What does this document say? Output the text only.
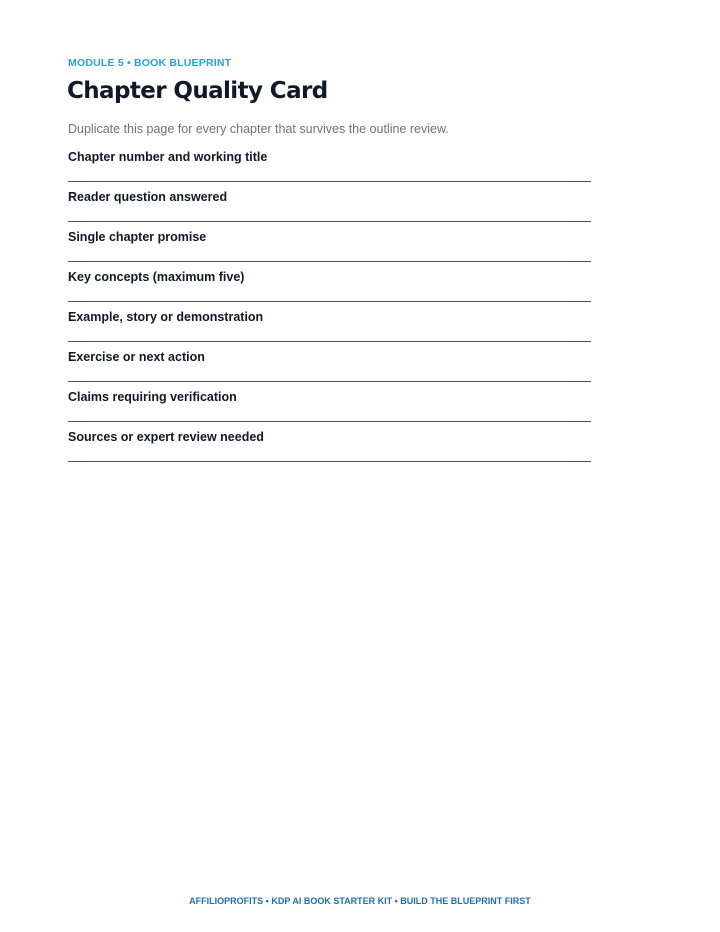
MODULE 5 • BOOK BLUEPRINT
Chapter Quality Card
Duplicate this page for every chapter that survives the outline review.
Chapter number and working title
Reader question answered
Single chapter promise
Key concepts (maximum five)
Example, story or demonstration
Exercise or next action
Claims requiring verification
Sources or expert review needed
AFFILIOPROFITS • KDP AI BOOK STARTER KIT • BUILD THE BLUEPRINT FIRST
